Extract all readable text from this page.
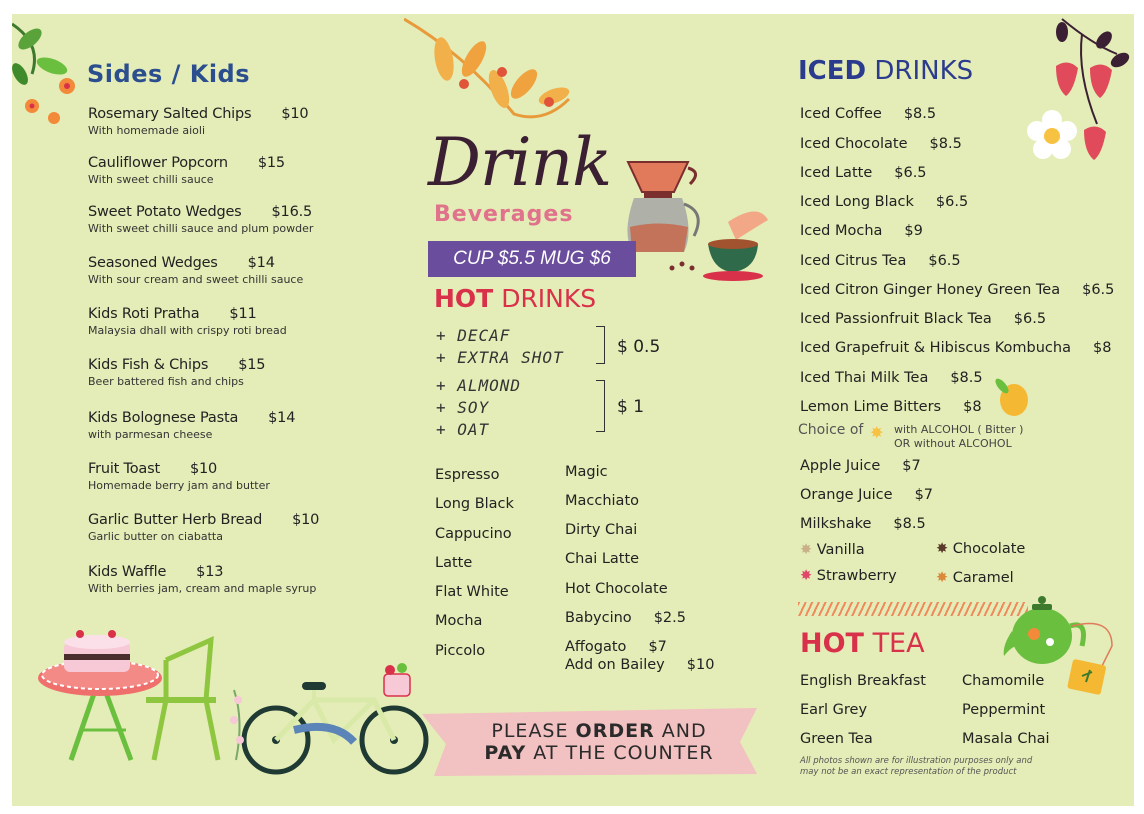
Sides / Kids
Rosemary Salted Chips $10
With homemade aioli
Cauliflower Popcorn $15
With sweet chilli sauce
Sweet Potato Wedges $16.5
With sweet chilli sauce and plum powder
Seasoned Wedges $14
With sour cream and sweet chilli sauce
Kids Roti Pratha $11
Malaysia dhall with crispy roti bread
Kids Fish & Chips $15
Beer battered fish and chips
Kids Bolognese Pasta $14
with parmesan cheese
Fruit Toast $10
Homemade berry jam and butter
Garlic Butter Herb Bread $10
Garlic butter on ciabatta
Kids Waffle $13
With berries jam, cream and maple syrup
Drink
Beverages
CUP $5.5 MUG $6
HOT DRINKS
+ DECAF
+ EXTRA SHOT
$ 0.5
+ ALMOND
+ SOY
+ OAT
$ 1
Espresso
Long Black
Cappucino
Latte
Flat White
Mocha
Piccolo
Magic
Macchiato
Dirty Chai
Chai Latte
Hot Chocolate
Babycino $2.5
Affogato $7
Add on Bailey $10
PLEASE ORDER AND
PAY AT THE COUNTER
ICED DRINKS
Iced Coffee $8.5
Iced Chocolate $8.5
Iced Latte $6.5
Iced Long Black $6.5
Iced Mocha $9
Iced Citrus Tea $6.5
Iced Citron Ginger Honey Green Tea $6.5
Iced Passionfruit Black Tea $6.5
Iced Grapefruit & Hibiscus Kombucha $8
Iced Thai Milk Tea $8.5
Lemon Lime Bitters $8
Choice of ✸ with ALCOHOL ( Bitter )
OR without ALCOHOL
Apple Juice $7
Orange Juice $7
Milkshake $8.5
✸ Vanilla	✸ Chocolate
✸ Strawberry	✸ Caramel
HOT TEA
English Breakfast
Earl Grey
Green Tea
Chamomile
Peppermint
Masala Chai
All photos shown are for illustration purposes only and
may not be an exact representation of the product
